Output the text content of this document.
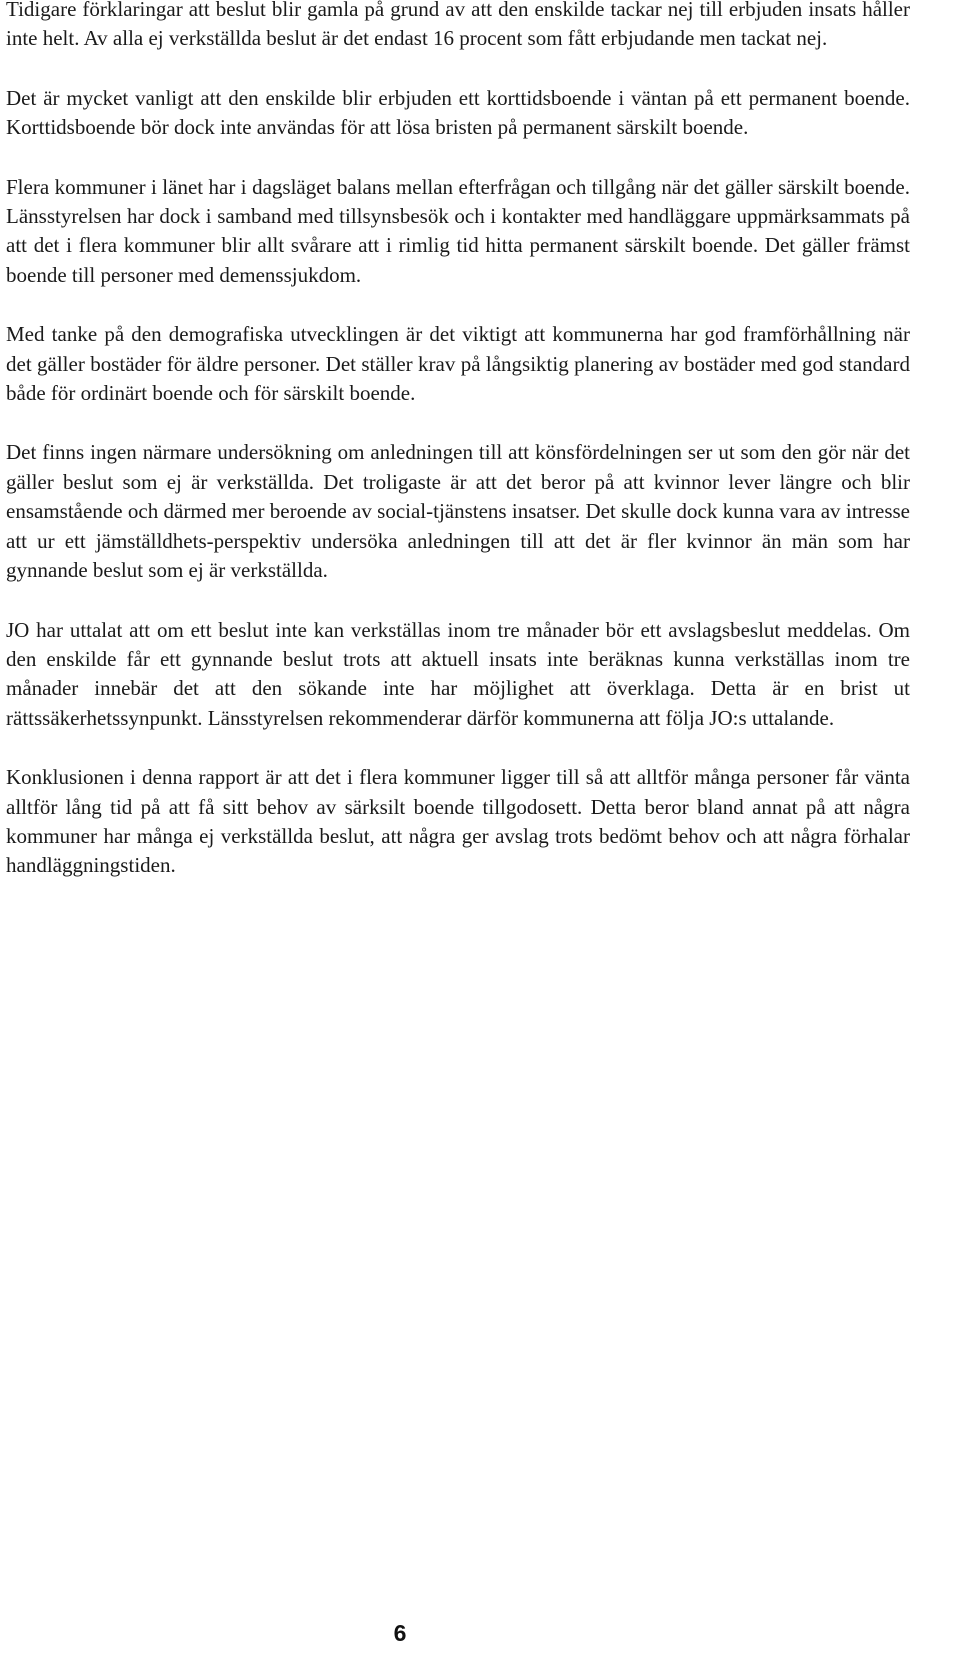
Tidigare förklaringar att beslut blir gamla på grund av att den enskilde tackar nej till erbjuden insats håller inte helt. Av alla ej verkställda beslut är det endast 16 procent som fått erbjudande men tackat nej.

Det är mycket vanligt att den enskilde blir erbjuden ett korttidsboende i väntan på ett permanent boende. Korttidsboende bör dock inte användas för att lösa bristen på permanent särskilt boende.

Flera kommuner i länet har i dagsläget balans mellan efterfrågan och tillgång när det gäller särskilt boende. Länsstyrelsen har dock i samband med tillsynsbesök och i kontakter med handläggare uppmärksammats på att det i flera kommuner blir allt svårare att i rimlig tid hitta permanent särskilt boende. Det gäller främst boende till personer med demenssjukdom.

Med tanke på den demografiska utvecklingen är det viktigt att kommunerna har god framförhållning när det gäller bostäder för äldre personer. Det ställer krav på långsiktig planering av bostäder med god standard både för ordinärt boende och för särskilt boende.

Det finns ingen närmare undersökning om anledningen till att könsfördelningen ser ut som den gör när det gäller beslut som ej är verkställda. Det troligaste är att det beror på att kvinnor lever längre och blir ensamstående och därmed mer beroende av social-tjänstens insatser. Det skulle dock kunna vara av intresse att ur ett jämställdhets-perspektiv undersöka anledningen till att det är fler kvinnor än män som har gynnande beslut som ej är verkställda.

JO har uttalat att om ett beslut inte kan verkställas inom tre månader bör ett avslagsbeslut meddelas. Om den enskilde får ett gynnande beslut trots att aktuell insats inte beräknas kunna verkställas inom tre månader innebär det att den sökande inte har möjlighet att överklaga. Detta är en brist ut rättssäkerhetssynpunkt. Länsstyrelsen rekommenderar därför kommunerna att följa JO:s uttalande.

Konklusionen i denna rapport är att det i flera kommuner ligger till så att alltför många personer får vänta alltför lång tid på att få sitt behov av särksilt boende tillgodosett. Detta beror bland annat på att några kommuner har många ej verkställda beslut, att några ger avslag trots bedömt behov och att några förhalar handläggningstiden.

6
